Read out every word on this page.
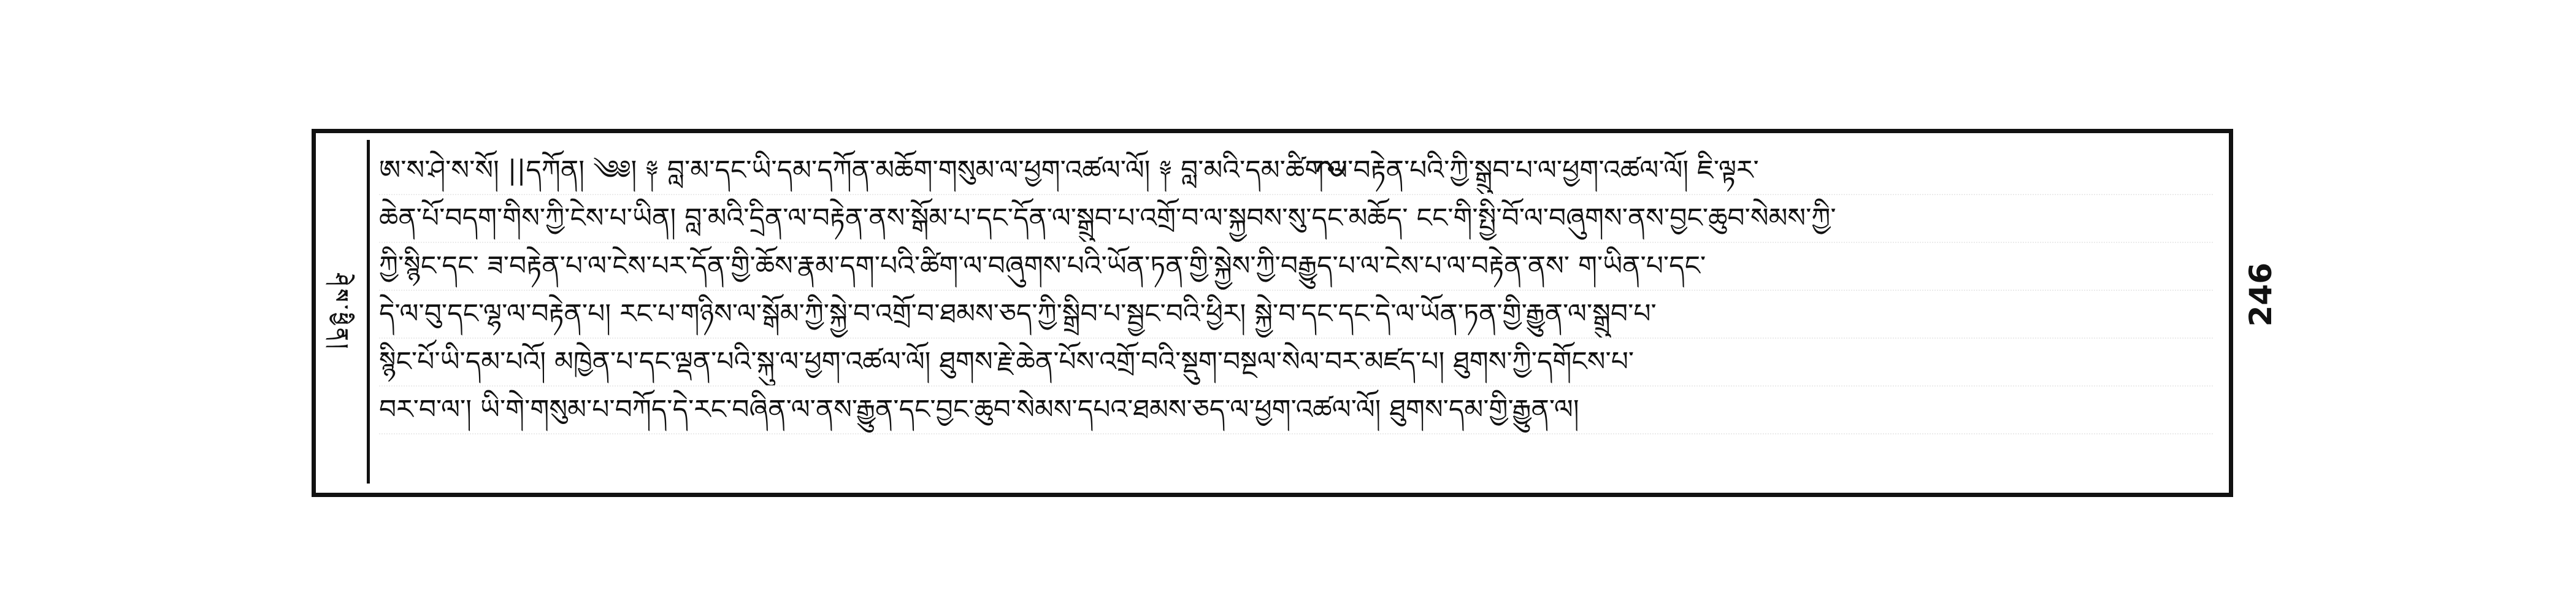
ཤེས་ཕྱིན།
ཨ་ས་ཤེ་ས་སོ། ||དཀོན། ༄༅། ༈ བླ་མ་དང་ཡི་དམ་དཀོན་མཆོག་གསུམ་ལ་ཕྱག་འཚལ་ལོ། ༈ བླ་མའི་དམ་ཚིག་ལ་བརྟེན་པའི་ཀྱི་སྒྲུབ་པ་ལ་ཕྱག་འཚལ་ལོ། ཇི་ལྟར་
ཆེན་པོ་བདག་གིས་ཀྱི་ངེས་པ་ཡིན། བླ་མའི་དྲིན་ལ་བརྟེན་ནས་སྒོམ་པ་དང་དོན་ལ་སྒྲུབ་པ་འགྲོ་བ་ལ་སྐྱབས་སུ་དང་མཆོད་ ངང་གི་སྤྱི་བོ་ལ་བཞུགས་ནས་བྱང་ཆུབ་སེམས་ཀྱི་
ཀྱི་སྙིང་དང་ ཟ་བརྟེན་པ་ལ་ངེས་པར་དོན་གྱི་ཆོས་རྣམ་དག་པའི་ཚིག་ལ་བཞུགས་པའི་ཡོན་ཏན་གྱི་སྐྱེས་ཀྱི་བརྒྱུད་པ་ལ་ངེས་པ་ལ་བརྟེན་ནས་ ག་ཡིན་པ་དང་
དེ་ལ་བུ་དང་ལྷ་ལ་བརྟེན་པ། རང་པ་གཉིས་ལ་སྒོམ་ཀྱི་སྐྱེ་བ་འགྲོ་བ་ཐམས་ཅད་ཀྱི་སྒྲིབ་པ་སྦྱང་བའི་ཕྱིར། སྐྱེ་བ་དང་དང་དེ་ལ་ཡོན་ཏན་གྱི་རྒྱུན་ལ་སྒྲུབ་པ་
སྙིང་པོ་ཡི་དམ་པའོ། མཁྱེན་པ་དང་ལྡན་པའི་སྐུ་ལ་ཕྱག་འཚལ་ལོ། ཐུགས་རྗེ་ཆེན་པོས་འགྲོ་བའི་སྡུག་བསྔལ་སེལ་བར་མཛད་པ། ཐུགས་ཀྱི་དགོངས་པ་
བར་བ་ལ་། ཡི་གེ་གསུམ་པ་བཀོད་དེ་རང་བཞིན་ལ་ནས་རྒྱུན་དང་བྱང་ཆུབ་སེམས་དཔའ་ཐམས་ཅད་ལ་ཕྱག་འཚལ་ལོ། ཐུགས་དམ་གྱི་རྒྱུན་ལ།
246
